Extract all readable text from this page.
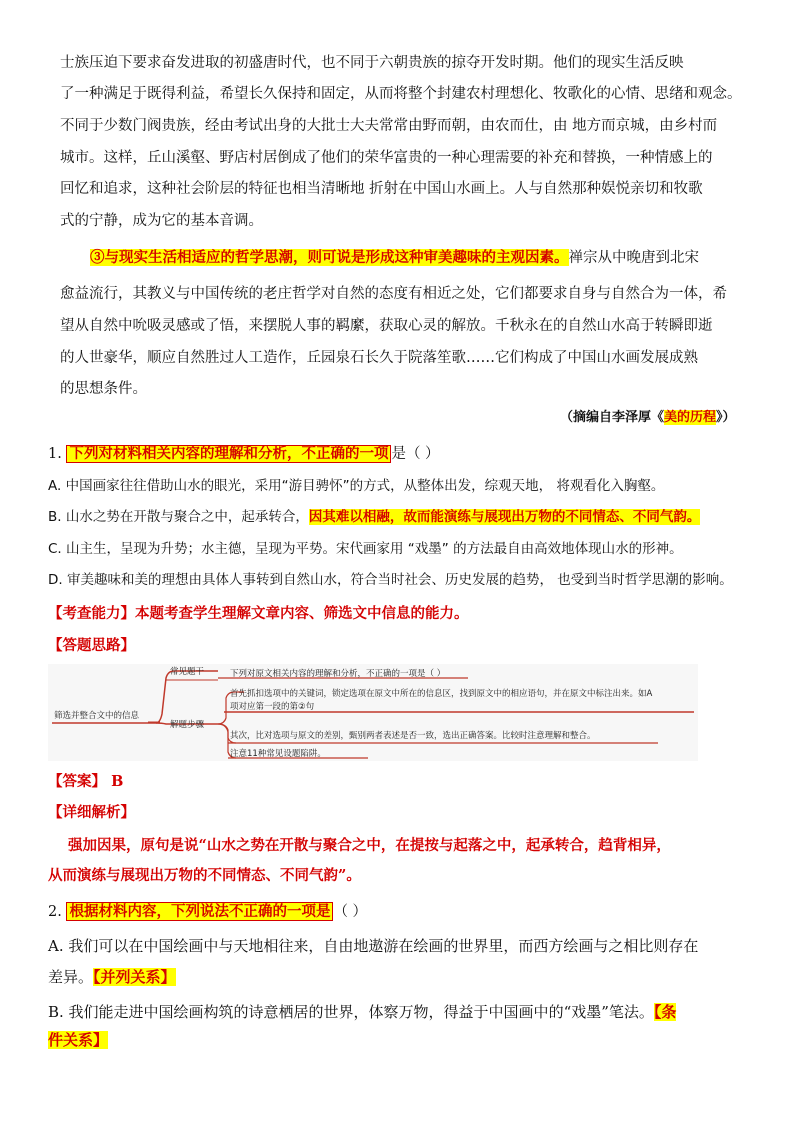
士族压迫下要求奋发进取的初盛唐时代，也不同于六朝贵族的掠夺开发时期。他们的现实生活反映
了一种满足于既得利益，希望长久保持和固定，从而将整个封建农村理想化、牧歌化的心情、思绪和观念。
不同于少数门阀贵族，经由考试出身的大批士大夫常常由野而朝，由农而仕，由 地方而京城，由乡村而
城市。这样，丘山溪壑、野店村居倒成了他们的荣华富贵的一种心理需要的补充和替换，一种情感上的
回忆和追求，这种社会阶层的特征也相当清晰地 折射在中国山水画上。人与自然那种娱悦亲切和牧歌
式的宁静，成为它的基本音调。
③与现实生活相适应的哲学思潮，则可说是形成这种审美趣味的主观因素。禅宗从中晚唐到北宋
愈益流行，其教义与中国传统的老庄哲学对自然的态度有相近之处，它们都要求自身与自然合为一体，希
望从自然中吮吸灵感或了悟，来摆脱人事的羁縻，获取心灵的解放。千秋永在的自然山水高于转瞬即逝
的人世豪华，顺应自然胜过人工造作，丘园泉石长久于院落笙歌……它们构成了中国山水画发展成熟
的思想条件。
（摘编自李泽厚《美的历程》）
1. 下列对材料相关内容的理解和分析，不正确的一项 是（ ）
A. 中国画家往往借助山水的眼光，采用“游目骋怀”的方式，从整体出发，综观天地， 将观看化入胸壑。
B. 山水之势在开散与聚合之中，起承转合，因其难以相融，故而能演练与展现出万物的不同情态、不同气韵。
C. 山主生，呈现为升势；水主德，呈现为平势。宋代画家用 “戏墨” 的方法最自由高效地体现山水的形神。
D. 审美趣味和美的理想由具体人事转到自然山水，符合当时社会、历史发展的趋势， 也受到当时哲学思潮的影响。
【考查能力】本题考查学生理解文章内容、筛选文中信息的能力。
【答题思路】
筛选并整合文中的信息
常见题干	下列对原文相关内容的理解和分析，不正确的一项是（ ）
解题步骤
首先抓扣选项中的关键词，锁定选项在原文中所在的信息区，找到原文中的相应语句，并在原文中标注出来。如A
项对应第一段的第②句
其次，比对选项与原文的差别，甄别两者表述是否一致，选出正确答案。比较时注意理解和整合。
注意11种常见设题陷阱。
【答案】 B
【详细解析】
强加因果，原句是说“山水之势在开散与聚合之中，在提按与起落之中，起承转合，趋背相异，
从而演练与展现出万物的不同情态、不同气韵”。
2. 根据材料内容，下列说法不正确的一项是 （ ）
A. 我们可以在中国绘画中与天地相往来，自由地遨游在绘画的世界里，而西方绘画与之相比则存在
差异。【并列关系】
B. 我们能走进中国绘画构筑的诗意栖居的世界，体察万物，得益于中国画中的“戏墨”笔法。【条
件关系】
